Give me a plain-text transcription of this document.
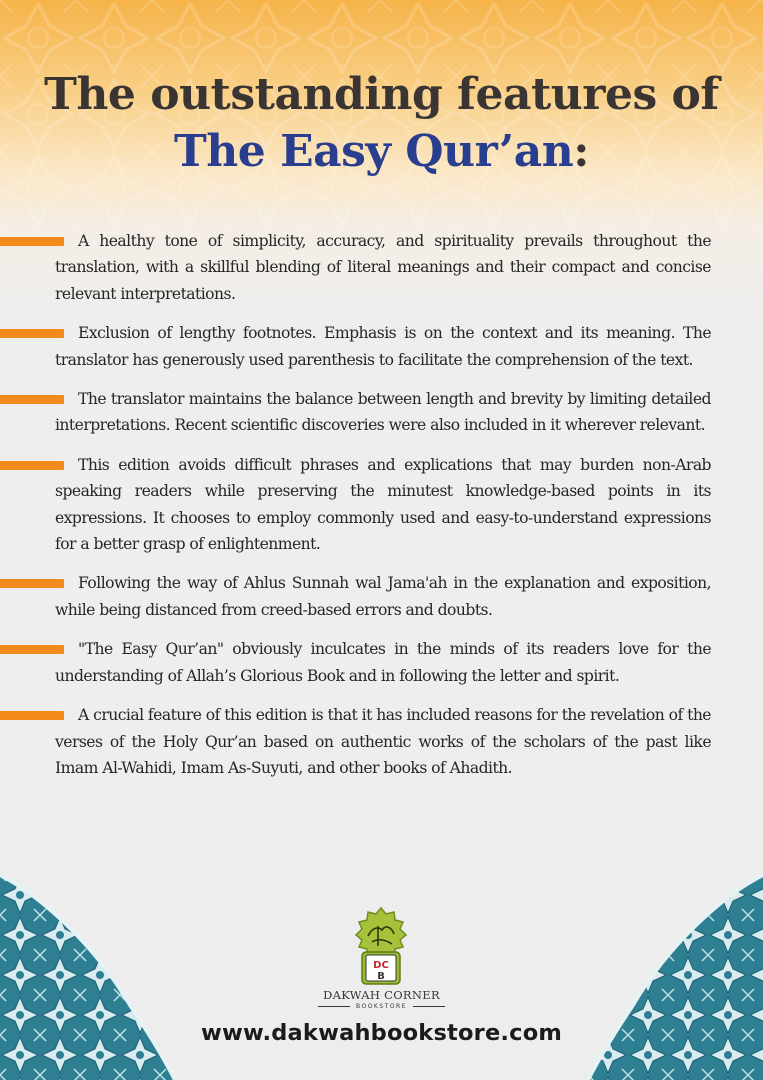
The outstanding features of
The Easy Qur’an:

A healthy tone of simplicity, accuracy, and spirituality prevails throughout the translation, with a skillful blending of literal meanings and their compact and concise relevant interpretations.

Exclusion of lengthy footnotes. Emphasis is on the context and its meaning. The translator has generously used parenthesis to facilitate the comprehension of the text.

The translator maintains the balance between length and brevity by limiting detailed interpretations. Recent scientific discoveries were also included in it wherever relevant.

This edition avoids difficult phrases and explications that may burden non-Arab speaking readers while preserving the minutest knowledge-based points in its expressions. It chooses to employ commonly used and easy-to-understand expressions for a better grasp of enlightenment.

Following the way of Ahlus Sunnah wal Jama'ah in the explanation and exposition, while being distanced from creed-based errors and doubts.

"The Easy Qur’an" obviously inculcates in the minds of its readers love for the understanding of Allah’s Glorious Book and in following the letter and spirit.

A crucial feature of this edition is that it has included reasons for the revelation of the verses of the Holy Qur’an based on authentic works of the scholars of the past like Imam Al-Wahidi, Imam As-Suyuti, and other books of Ahadith.

DC
B
DAKWAH CORNER
BOOKSTORE
www.dakwahbookstore.com
